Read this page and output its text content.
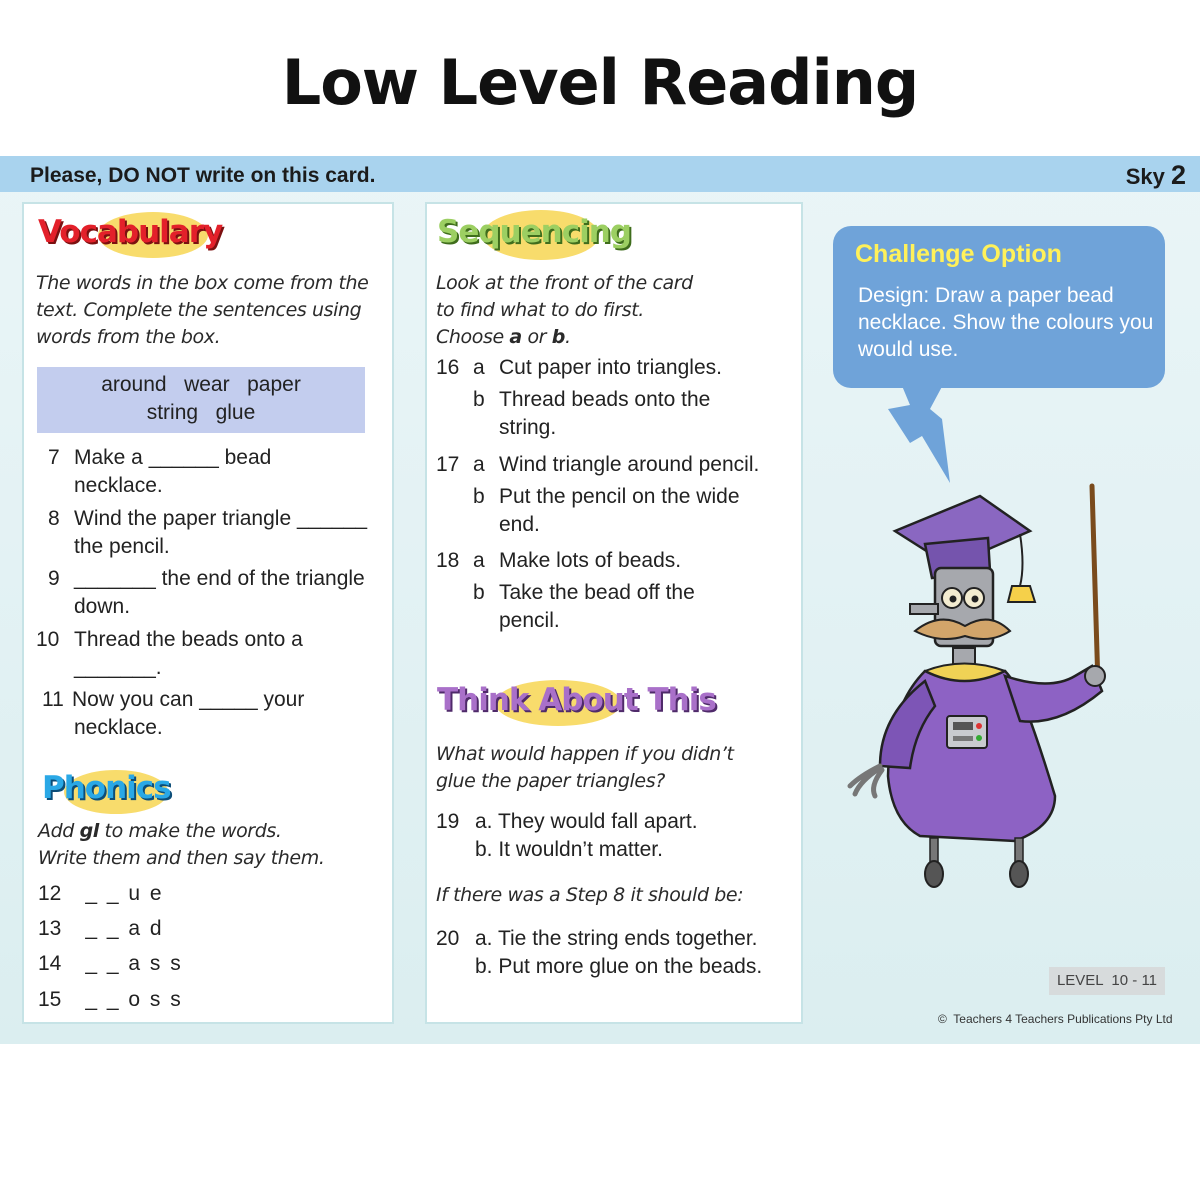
Low Level Reading
Please, DO NOT write on this card.	Sky 2
Vocabulary
The words in the box come from the
text. Complete the sentences using
words from the box.
around   wear   paper
string   glue
7 Make a ______ bead
necklace.
8 Wind the paper triangle ______
the pencil.
9 _______ the end of the triangle
down.
10 Thread the beads onto a
_______.
11 Now you can _____ your
necklace.
Phonics
Add gl to make the words.
Write them and then say them.
12 _ _ u e
13 _ _ a d
14 _ _ a s s
15 _ _ o s s
Sequencing
Look at the front of the card
to find what to do first.
Choose a or b.
16 a Cut paper into triangles.
b Thread beads onto the
string.
17 a Wind triangle around pencil.
b Put the pencil on the wide
end.
18 a Make lots of beads.
b Take the bead off the
pencil.
Think About This
What would happen if you didn’t
glue the paper triangles?
19 a. They would fall apart.
b. It wouldn’t matter.
If there was a Step 8 it should be:
20 a. Tie the string ends together.
b. Put more glue on the beads.
Challenge Option
Design: Draw a paper bead necklace. Show the colours you would use.
LEVEL  10 - 11
©  Teachers 4 Teachers Publications Pty Ltd
